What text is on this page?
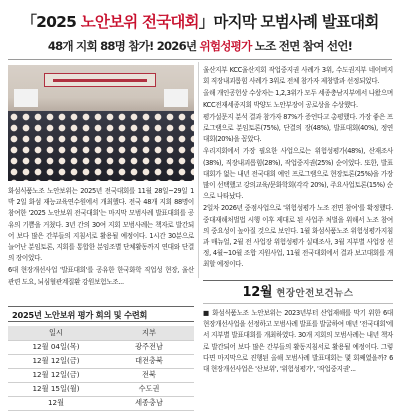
「2025 노안보위 전국대회」마지막 모범사례 발표대회
48개 지회 88명 참가! 2026년 위험성평가 노조 전면 참여 선언!

화섬식품노조 노안보위는 2025년 전국대회를 11월 28일~29일 1박 2일 화섬 재능교육연수원에서 개최했다. 전국 48개 지회 88명이 참여한 '2025 노안보위 전국대회'는 마지막 모범사례 발표대회를 공유의 기쁨을 거쳤다. 3년 간의 30여 지회 모범사례는 책자로 발간되어 보다 많은 간부들의 지침서로 활용될 예정이다. 1시간 30분으로 늘어난 분임토론, 지회를 통합한 분임조별 단체활동까지 연대와 단결의 장이었다.

6대 현장개선사업 '발표대회'를 공유한 한국화학 직업성 현장, 울산 관련 도요, 뇌심혈관계질환 강원보험노조...

울산지부 KCC울산지회 작업중지권 사례가 3위, 수도권지부 네이버지회 직장내괴롭힘 사례가 3위로 전체 참가자 제창발과 선정되었다.

올해 개인공헌상 수상자는 1,2,3위가 모두 세종충남지부에서 나왔으며 KCC전재세종지회 박양도 노안부장이 공로상을 수상했다.

평가설문지 분석 결과 참가자 87%가 증언다고 총평했다. 가장 좋은 프로그램으로 분임토론(75%), 단결의 장(48%), 발표대회(40%), 정연대회(20%)을 꼽았다.

우리지회에서 가장 필요한 사업으로는 위험성평가(48%), 산재조사(38%), 직장내괴롭힘(28%), 작업중지권(25%) 순이었다. 또한, 발표대회가 없는 내년 전국대회 예인 프로그램으로 현장토론(25%)을 가장 많이 선택했고 강의교육/문화학회(각각 20%), 주요사업토론(15%) 순으로 나타났다.

2일차 2026년 중점사업으로 '위험성평가 노조 전면 참여'를 확정했다. 중대재해처벌법 시행 이후 제대로 된 사업주 처벌을 위해서 노조 참여의 중요성이 높아질 것으로 보인다. 1월 화섬식품노조 위험성평가지침과 매뉴얼, 2월 전 사업장 위험성평가 실태조사, 3월 지부별 사업장 선정, 4월~10월 조합 지원사업, 11월 전국대회에서 결과 보고대회를 개최할 예정이다.

2025년 노안보위 평가 회의 및 수련회
일시	지부
12월 04일(목)	광주전남
12월 12일(금)	대전충북
12월 12일(금)	전북
12월 15일(월)	수도권
12월	세종충남
12월 현장안전보건뉴스

■ 화섬식품노조 노안보위는 2023년부터 산업재해를 막기 위한 6대 현장개선사업을 선정하고 모범사례 발표를 발굴하여 매년 '전국대회'에서 지부별 발표대회를 개최하였다. 30개 지회의 모범사례는 내년 책자로 발간되어 보다 많은 간부들의 활동지침서로 활용될 예정이다. 그렇다면 마지막으로 진행된 올해 모범사례 발표대회는 몇 회째였을까? 6대 현장개선사업은 '산보위', '위험성평가', '작업중지권'...
